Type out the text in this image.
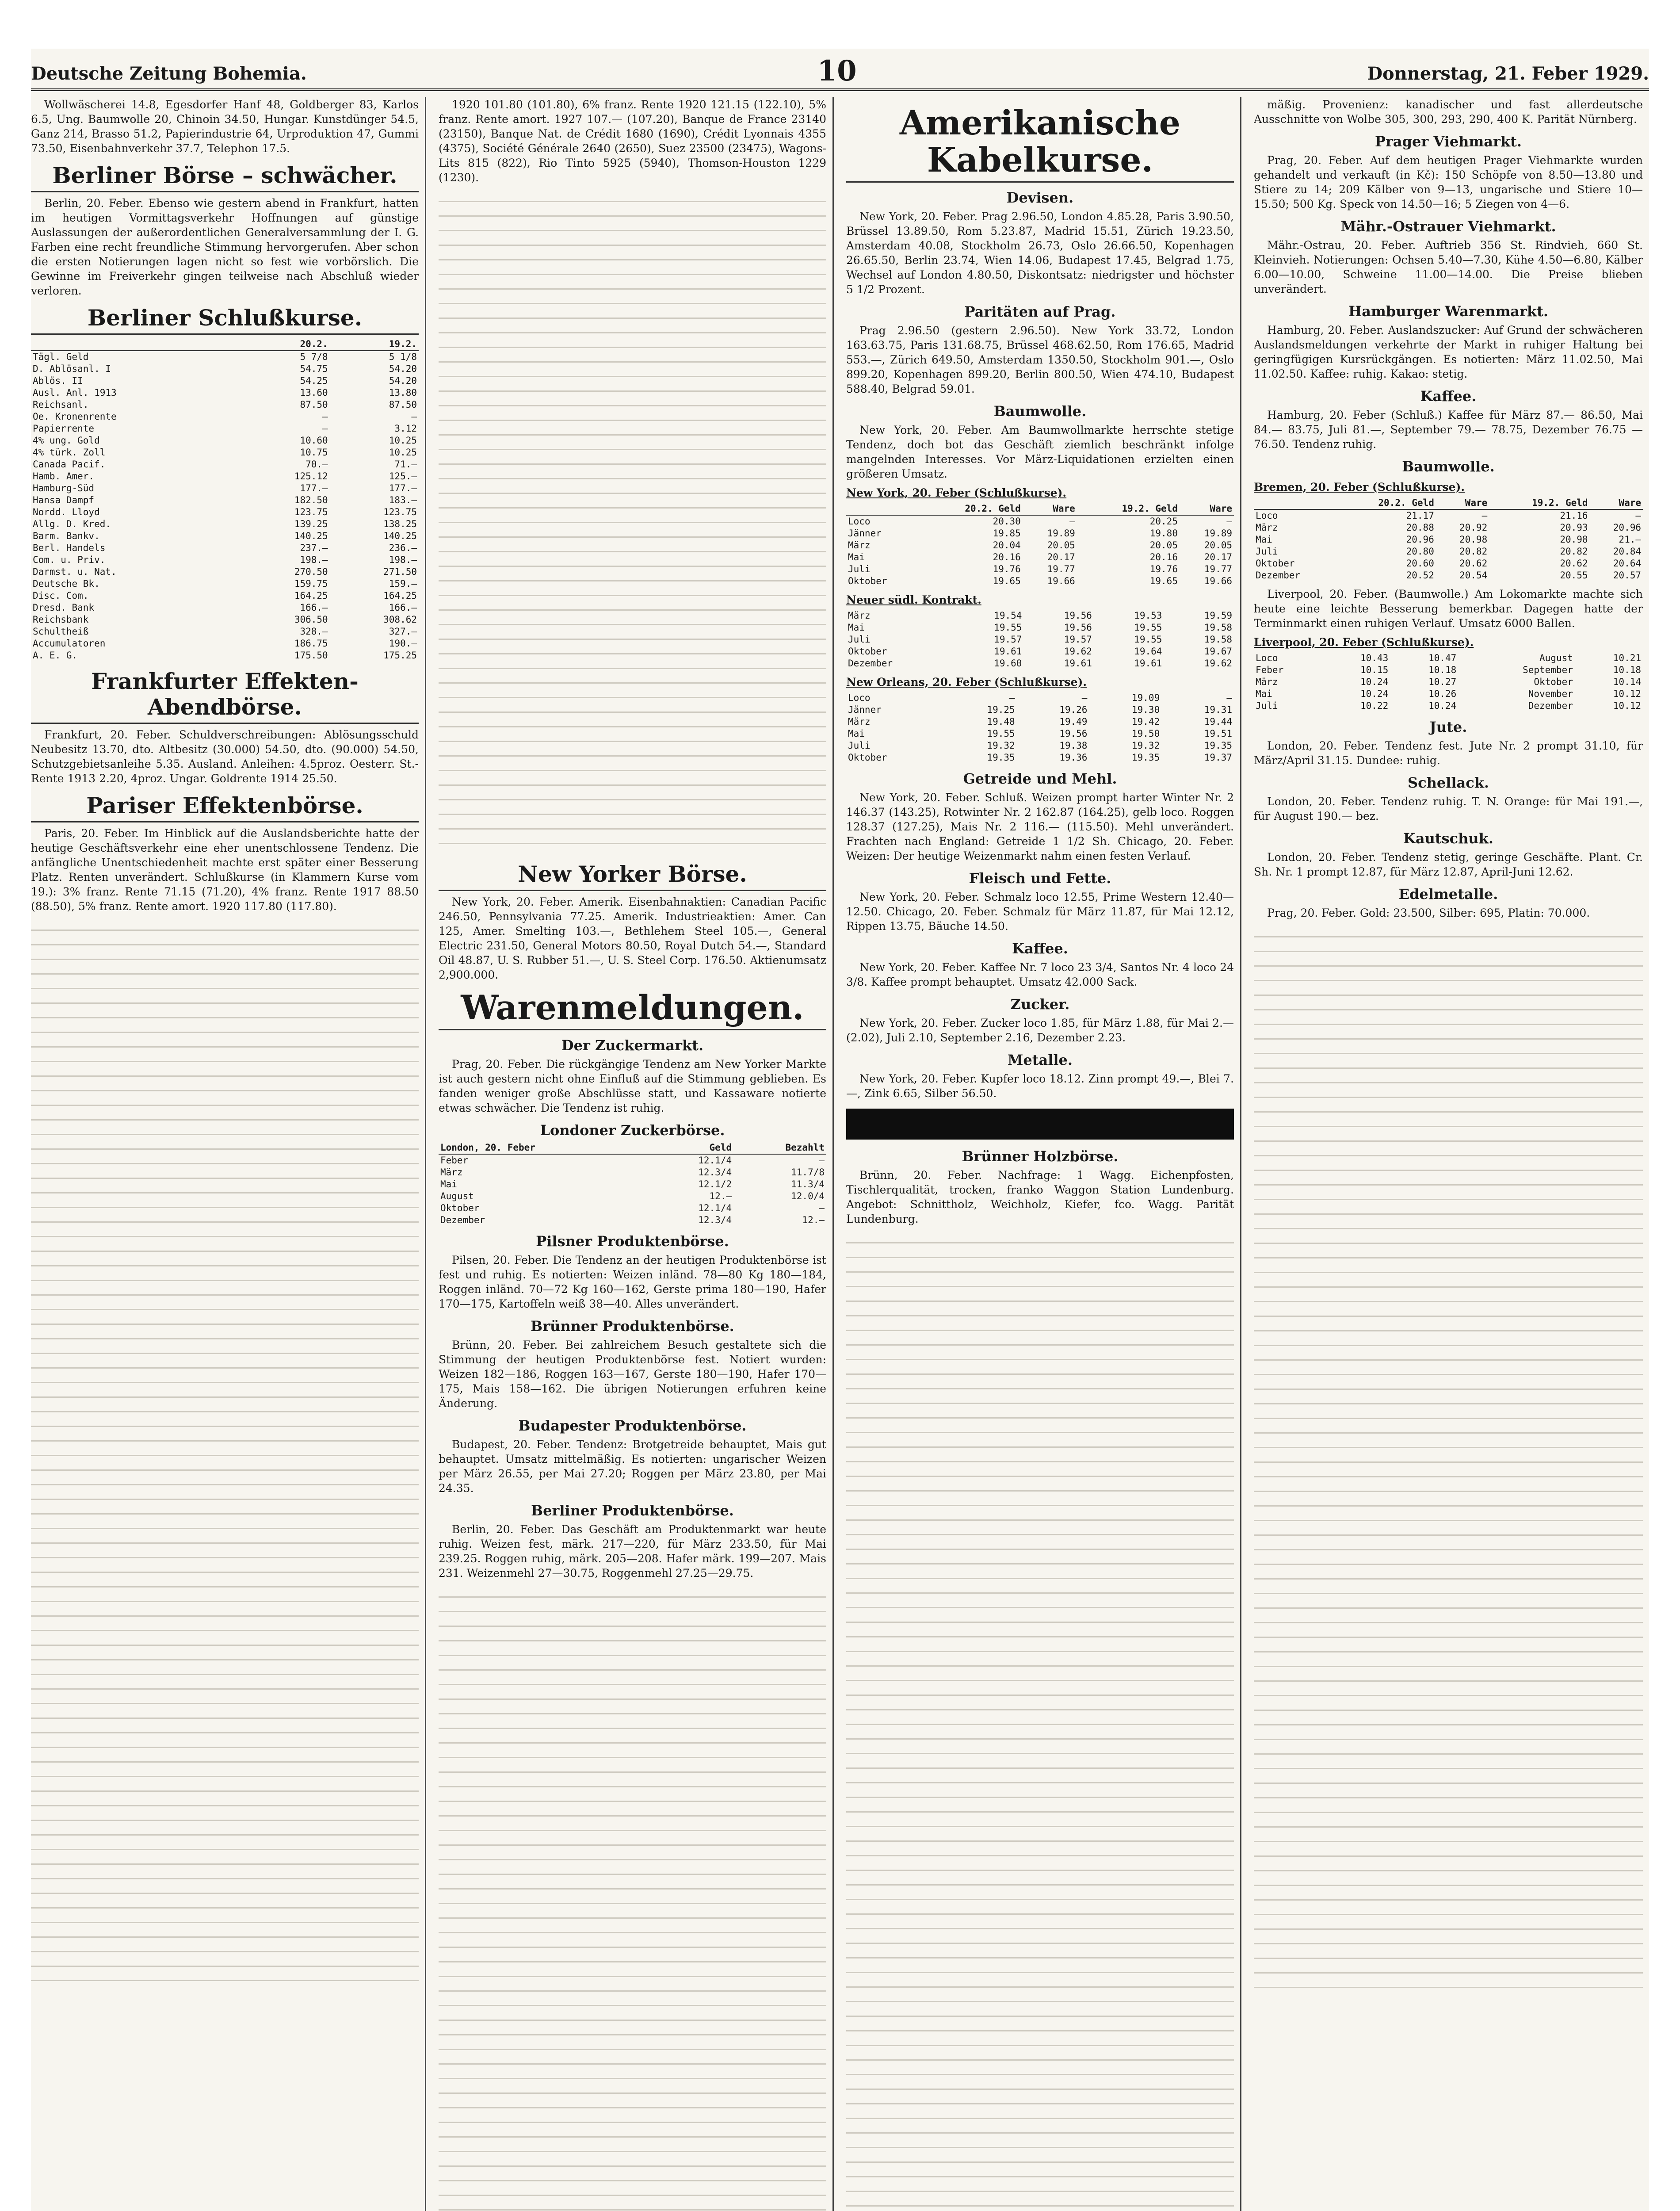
Deutsche Zeitung Bohemia.	10	Donnerstag, 21. Feber 1929.

Wollwäscherei 14.8, Egesdorfer Hanf 48, Goldberger 83, Karlos 6.5, Ung. Baumwolle 20, Chinoin 34.50, Hungar. Kunstdünger 54.5, Ganz 214, Brasso 51.2, Papierindustrie 64, Urproduktion 47, Gummi 73.50, Eisenbahnverkehr 37.7, Telephon 17.5.

Berliner Börse – schwächer.

Berlin, 20. Feber. Ebenso wie gestern abend in Frankfurt, hatten im heutigen Vormittagsverkehr Hoffnungen auf günstige Auslassungen der außerordentlichen Generalversammlung der I. G. Farben eine recht freundliche Stimmung hervorgerufen. Aber schon die ersten Notierungen lagen nicht so fest wie vorbörslich. Die Gewinne im Freiverkehr gingen teilweise nach Abschluß wieder verloren.

Berliner Schlußkurse.
	20.2.	19.2.
Tägl. Geld	5 7/8	5 1/8
D. Ablösanl. I	54.75	54.20
Ablös. II	54.25	54.20
Ausl. Anl. 1913	13.60	13.80
Reichsanl.	87.50	87.50
Oe. Kronenrente	—	—
Papierrente	—	3.12
4% ung. Gold	10.60	10.25
4% türk. Zoll	10.75	10.25
Canada Pacif.	70.—	71.—
Hamb. Amer.	125.12	125.—
Hamburg-Süd	177.—	177.—
Hansa Dampf	182.50	183.—
Nordd. Lloyd	123.75	123.75
Allg. D. Kred.	139.25	138.25
Barm. Bankv.	140.25	140.25
Berl. Handels	237.—	236.—
Com. u. Priv.	198.—	198.—
Darmst. u. Nat.	270.50	271.50
Deutsche Bk.	159.75	159.—
Disc. Com.	164.25	164.25
Dresd. Bank	166.—	166.—
Reichsbank	306.50	308.62
Schultheiß	328.—	327.—
Accumulatoren	186.75	190.—
A. E. G.	175.50	175.25
Frankfurter Effekten-Abendbörse.

Frankfurt, 20. Feber. Schuldverschreibungen: Ablösungsschuld Neubesitz 13.70, dto. Altbesitz (30.000) 54.50, dto. (90.000) 54.50, Schutzgebietsanleihe 5.35. Ausland. Anleihen: 4.5proz. Oesterr. St.-Rente 1913 2.20, 4proz. Ungar. Goldrente 1914 25.50.

Pariser Effektenbörse.

Paris, 20. Feber. Im Hinblick auf die Auslandsberichte hatte der heutige Geschäftsverkehr eine eher unentschlossene Tendenz. Die anfängliche Unentschiedenheit machte erst später einer Besserung Platz. Renten unverändert. Schlußkurse (in Klammern Kurse vom 19.): 3% franz. Rente 71.15 (71.20), 4% franz. Rente 1917 88.50 (88.50), 5% franz. Rente amort. 1920 117.80 (117.80).

1920 101.80 (101.80), 6% franz. Rente 1920 121.15 (122.10), 5% franz. Rente amort. 1927 107.— (107.20), Banque de France 23140 (23150), Banque Nat. de Crédit 1680 (1690), Crédit Lyonnais 4355 (4375), Société Générale 2640 (2650), Suez 23500 (23475), Wagons-Lits 815 (822), Rio Tinto 5925 (5940), Thomson-Houston 1229 (1230).

New Yorker Börse.

New York, 20. Feber. Amerik. Eisenbahnaktien: Canadian Pacific 246.50, Pennsylvania 77.25. Amerik. Industrieaktien: Amer. Can 125, Amer. Smelting 103.—, Bethlehem Steel 105.—, General Electric 231.50, General Motors 80.50, Royal Dutch 54.—, Standard Oil 48.87, U. S. Rubber 51.—, U. S. Steel Corp. 176.50. Aktienumsatz 2,900.000.

Warenmeldungen.
Der Zuckermarkt.

Prag, 20. Feber. Die rückgängige Tendenz am New Yorker Markte ist auch gestern nicht ohne Einfluß auf die Stimmung geblieben. Es fanden weniger große Abschlüsse statt, und Kassaware notierte etwas schwächer. Die Tendenz ist ruhig.

Londoner Zuckerbörse.
London, 20. Feber	Geld	Bezahlt
Feber	12.1/4	—
März	12.3/4	11.7/8
Mai	12.1/2	11.3/4
August	12.—	12.0/4
Oktober	12.1/4	—
Dezember	12.3/4	12.—
Pilsner Produktenbörse.

Pilsen, 20. Feber. Die Tendenz an der heutigen Produktenbörse ist fest und ruhig. Es notierten: Weizen inländ. 78—80 Kg 180—184, Roggen inländ. 70—72 Kg 160—162, Gerste prima 180—190, Hafer 170—175, Kartoffeln weiß 38—40. Alles unverändert.

Brünner Produktenbörse.

Brünn, 20. Feber. Bei zahlreichem Besuch gestaltete sich die Stimmung der heutigen Produktenbörse fest. Notiert wurden: Weizen 182—186, Roggen 163—167, Gerste 180—190, Hafer 170—175, Mais 158—162. Die übrigen Notierungen erfuhren keine Änderung.

Budapester Produktenbörse.

Budapest, 20. Feber. Tendenz: Brotgetreide behauptet, Mais gut behauptet. Umsatz mittelmäßig. Es notierten: ungarischer Weizen per März 26.55, per Mai 27.20; Roggen per März 23.80, per Mai 24.35.

Berliner Produktenbörse.

Berlin, 20. Feber. Das Geschäft am Produktenmarkt war heute ruhig. Weizen fest, märk. 217—220, für März 233.50, für Mai 239.25. Roggen ruhig, märk. 205—208. Hafer märk. 199—207. Mais 231. Weizenmehl 27—30.75, Roggenmehl 27.25—29.75.

Amerikanische Kabelkurse.
Devisen.

New York, 20. Feber. Prag 2.96.50, London 4.85.28, Paris 3.90.50, Brüssel 13.89.50, Rom 5.23.87, Madrid 15.51, Zürich 19.23.50, Amsterdam 40.08, Stockholm 26.73, Oslo 26.66.50, Kopenhagen 26.65.50, Berlin 23.74, Wien 14.06, Budapest 17.45, Belgrad 1.75, Wechsel auf London 4.80.50, Diskontsatz: niedrigster und höchster 5 1/2 Prozent.

Paritäten auf Prag.

Prag 2.96.50 (gestern 2.96.50). New York 33.72, London 163.63.75, Paris 131.68.75, Brüssel 468.62.50, Rom 176.65, Madrid 553.—, Zürich 649.50, Amsterdam 1350.50, Stockholm 901.—, Oslo 899.20, Kopenhagen 899.20, Berlin 800.50, Wien 474.10, Budapest 588.40, Belgrad 59.01.

Baumwolle.

New York, 20. Feber. Am Baumwollmarkte herrschte stetige Tendenz, doch bot das Geschäft ziemlich beschränkt infolge mangelnden Interesses. Vor März-Liquidationen erzielten einen größeren Umsatz.

New York, 20. Feber (Schlußkurse).
	20.2. Geld	Ware	19.2. Geld	Ware
Loco	20.30	—	20.25	—
Jänner	19.85	19.89	19.80	19.89
März	20.04	20.05	20.05	20.05
Mai	20.16	20.17	20.16	20.17
Juli	19.76	19.77	19.76	19.77
Oktober	19.65	19.66	19.65	19.66
Neuer südl. Kontrakt.
März	19.54	19.56	19.53	19.59
Mai	19.55	19.56	19.55	19.58
Juli	19.57	19.57	19.55	19.58
Oktober	19.61	19.62	19.64	19.67
Dezember	19.60	19.61	19.61	19.62
New Orleans, 20. Feber (Schlußkurse).
Loco	—	—	19.09	—
Jänner	19.25	19.26	19.30	19.31
März	19.48	19.49	19.42	19.44
Mai	19.55	19.56	19.50	19.51
Juli	19.32	19.38	19.32	19.35
Oktober	19.35	19.36	19.35	19.37
Getreide und Mehl.

New York, 20. Feber. Schluß. Weizen prompt harter Winter Nr. 2 146.37 (143.25), Rotwinter Nr. 2 162.87 (164.25), gelb loco. Roggen 128.37 (127.25), Mais Nr. 2 116.— (115.50). Mehl unverändert. Frachten nach England: Getreide 1 1/2 Sh. Chicago, 20. Feber. Weizen: Der heutige Weizenmarkt nahm einen festen Verlauf.

Fleisch und Fette.

New York, 20. Feber. Schmalz loco 12.55, Prime Western 12.40—12.50. Chicago, 20. Feber. Schmalz für März 11.87, für Mai 12.12, Rippen 13.75, Bäuche 14.50.

Kaffee.

New York, 20. Feber. Kaffee Nr. 7 loco 23 3/4, Santos Nr. 4 loco 24 3/8. Kaffee prompt behauptet. Umsatz 42.000 Sack.

Zucker.

New York, 20. Feber. Zucker loco 1.85, für März 1.88, für Mai 2.— (2.02), Juli 2.10, September 2.16, Dezember 2.23.

Metalle.

New York, 20. Feber. Kupfer loco 18.12. Zinn prompt 49.—, Blei 7.—, Zink 6.65, Silber 56.50.

Brünner Holzbörse.

Brünn, 20. Feber. Nachfrage: 1 Wagg. Eichenpfosten, Tischlerqualität, trocken, franko Waggon Station Lundenburg. Angebot: Schnittholz, Weichholz, Kiefer, fco. Wagg. Parität Lundenburg.

mäßig. Provenienz: kanadischer und fast allerdeutsche Ausschnitte von Wolbe 305, 300, 293, 290, 400 K. Parität Nürnberg.

Prager Viehmarkt.

Prag, 20. Feber. Auf dem heutigen Prager Viehmarkte wurden gehandelt und verkauft (in Kč): 150 Schöpfe von 8.50—13.80 und Stiere zu 14; 209 Kälber von 9—13, ungarische und Stiere 10—15.50; 500 Kg. Speck von 14.50—16; 5 Ziegen von 4—6.

Mähr.-Ostrauer Viehmarkt.

Mähr.-Ostrau, 20. Feber. Auftrieb 356 St. Rindvieh, 660 St. Kleinvieh. Notierungen: Ochsen 5.40—7.30, Kühe 4.50—6.80, Kälber 6.00—10.00, Schweine 11.00—14.00. Die Preise blieben unverändert.

Hamburger Warenmarkt.

Hamburg, 20. Feber. Auslandszucker: Auf Grund der schwächeren Auslandsmeldungen verkehrte der Markt in ruhiger Haltung bei geringfügigen Kursrückgängen. Es notierten: März 11.02.50, Mai 11.02.50. Kaffee: ruhig. Kakao: stetig.

Kaffee.

Hamburg, 20. Feber (Schluß.) Kaffee für März 87.— 86.50, Mai 84.— 83.75, Juli 81.—, September 79.— 78.75, Dezember 76.75 — 76.50. Tendenz ruhig.

Baumwolle.
Bremen, 20. Feber (Schlußkurse).
	20.2. Geld	Ware	19.2. Geld	Ware
Loco	21.17	—	21.16	—
März	20.88	20.92	20.93	20.96
Mai	20.96	20.98	20.98	21.—
Juli	20.80	20.82	20.82	20.84
Oktober	20.60	20.62	20.62	20.64
Dezember	20.52	20.54	20.55	20.57

Liverpool, 20. Feber. (Baumwolle.) Am Lokomarkte machte sich heute eine leichte Besserung bemerkbar. Dagegen hatte der Terminmarkt einen ruhigen Verlauf. Umsatz 6000 Ballen.

Liverpool, 20. Feber (Schlußkurse).
Loco	10.43	10.47	August	10.21
Feber	10.15	10.18	September	10.18
März	10.24	10.27	Oktober	10.14
Mai	10.24	10.26	November	10.12
Juli	10.22	10.24	Dezember	10.12
Jute.

London, 20. Feber. Tendenz fest. Jute Nr. 2 prompt 31.10, für März/April 31.15. Dundee: ruhig.

Schellack.

London, 20. Feber. Tendenz ruhig. T. N. Orange: für Mai 191.—, für August 190.— bez.

Kautschuk.

London, 20. Feber. Tendenz stetig, geringe Geschäfte. Plant. Cr. Sh. Nr. 1 prompt 12.87, für März 12.87, April-Juni 12.62.

Edelmetalle.

Prag, 20. Feber. Gold: 23.500, Silber: 695, Platin: 70.000.
